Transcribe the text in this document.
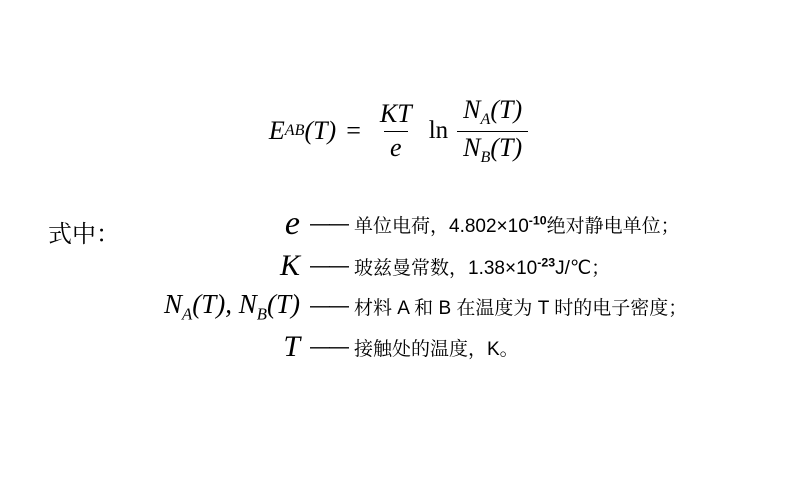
E AB $(T) = \frac{KT}{e}$ $\ln \frac{N_A(T)}{N_B(T)}$
式中：	e —— 单位电荷，$4.802\times 10^{-10}$绝对静电单位；
K —— 玻兹曼常数，$1.38\times 10^{-23}J/℃$；
$N_A(T)$, $N_B(T)$ —— 材料 A 和 B 在温度为 T 时的电子密度；
T —— 接触处的温度，K。
